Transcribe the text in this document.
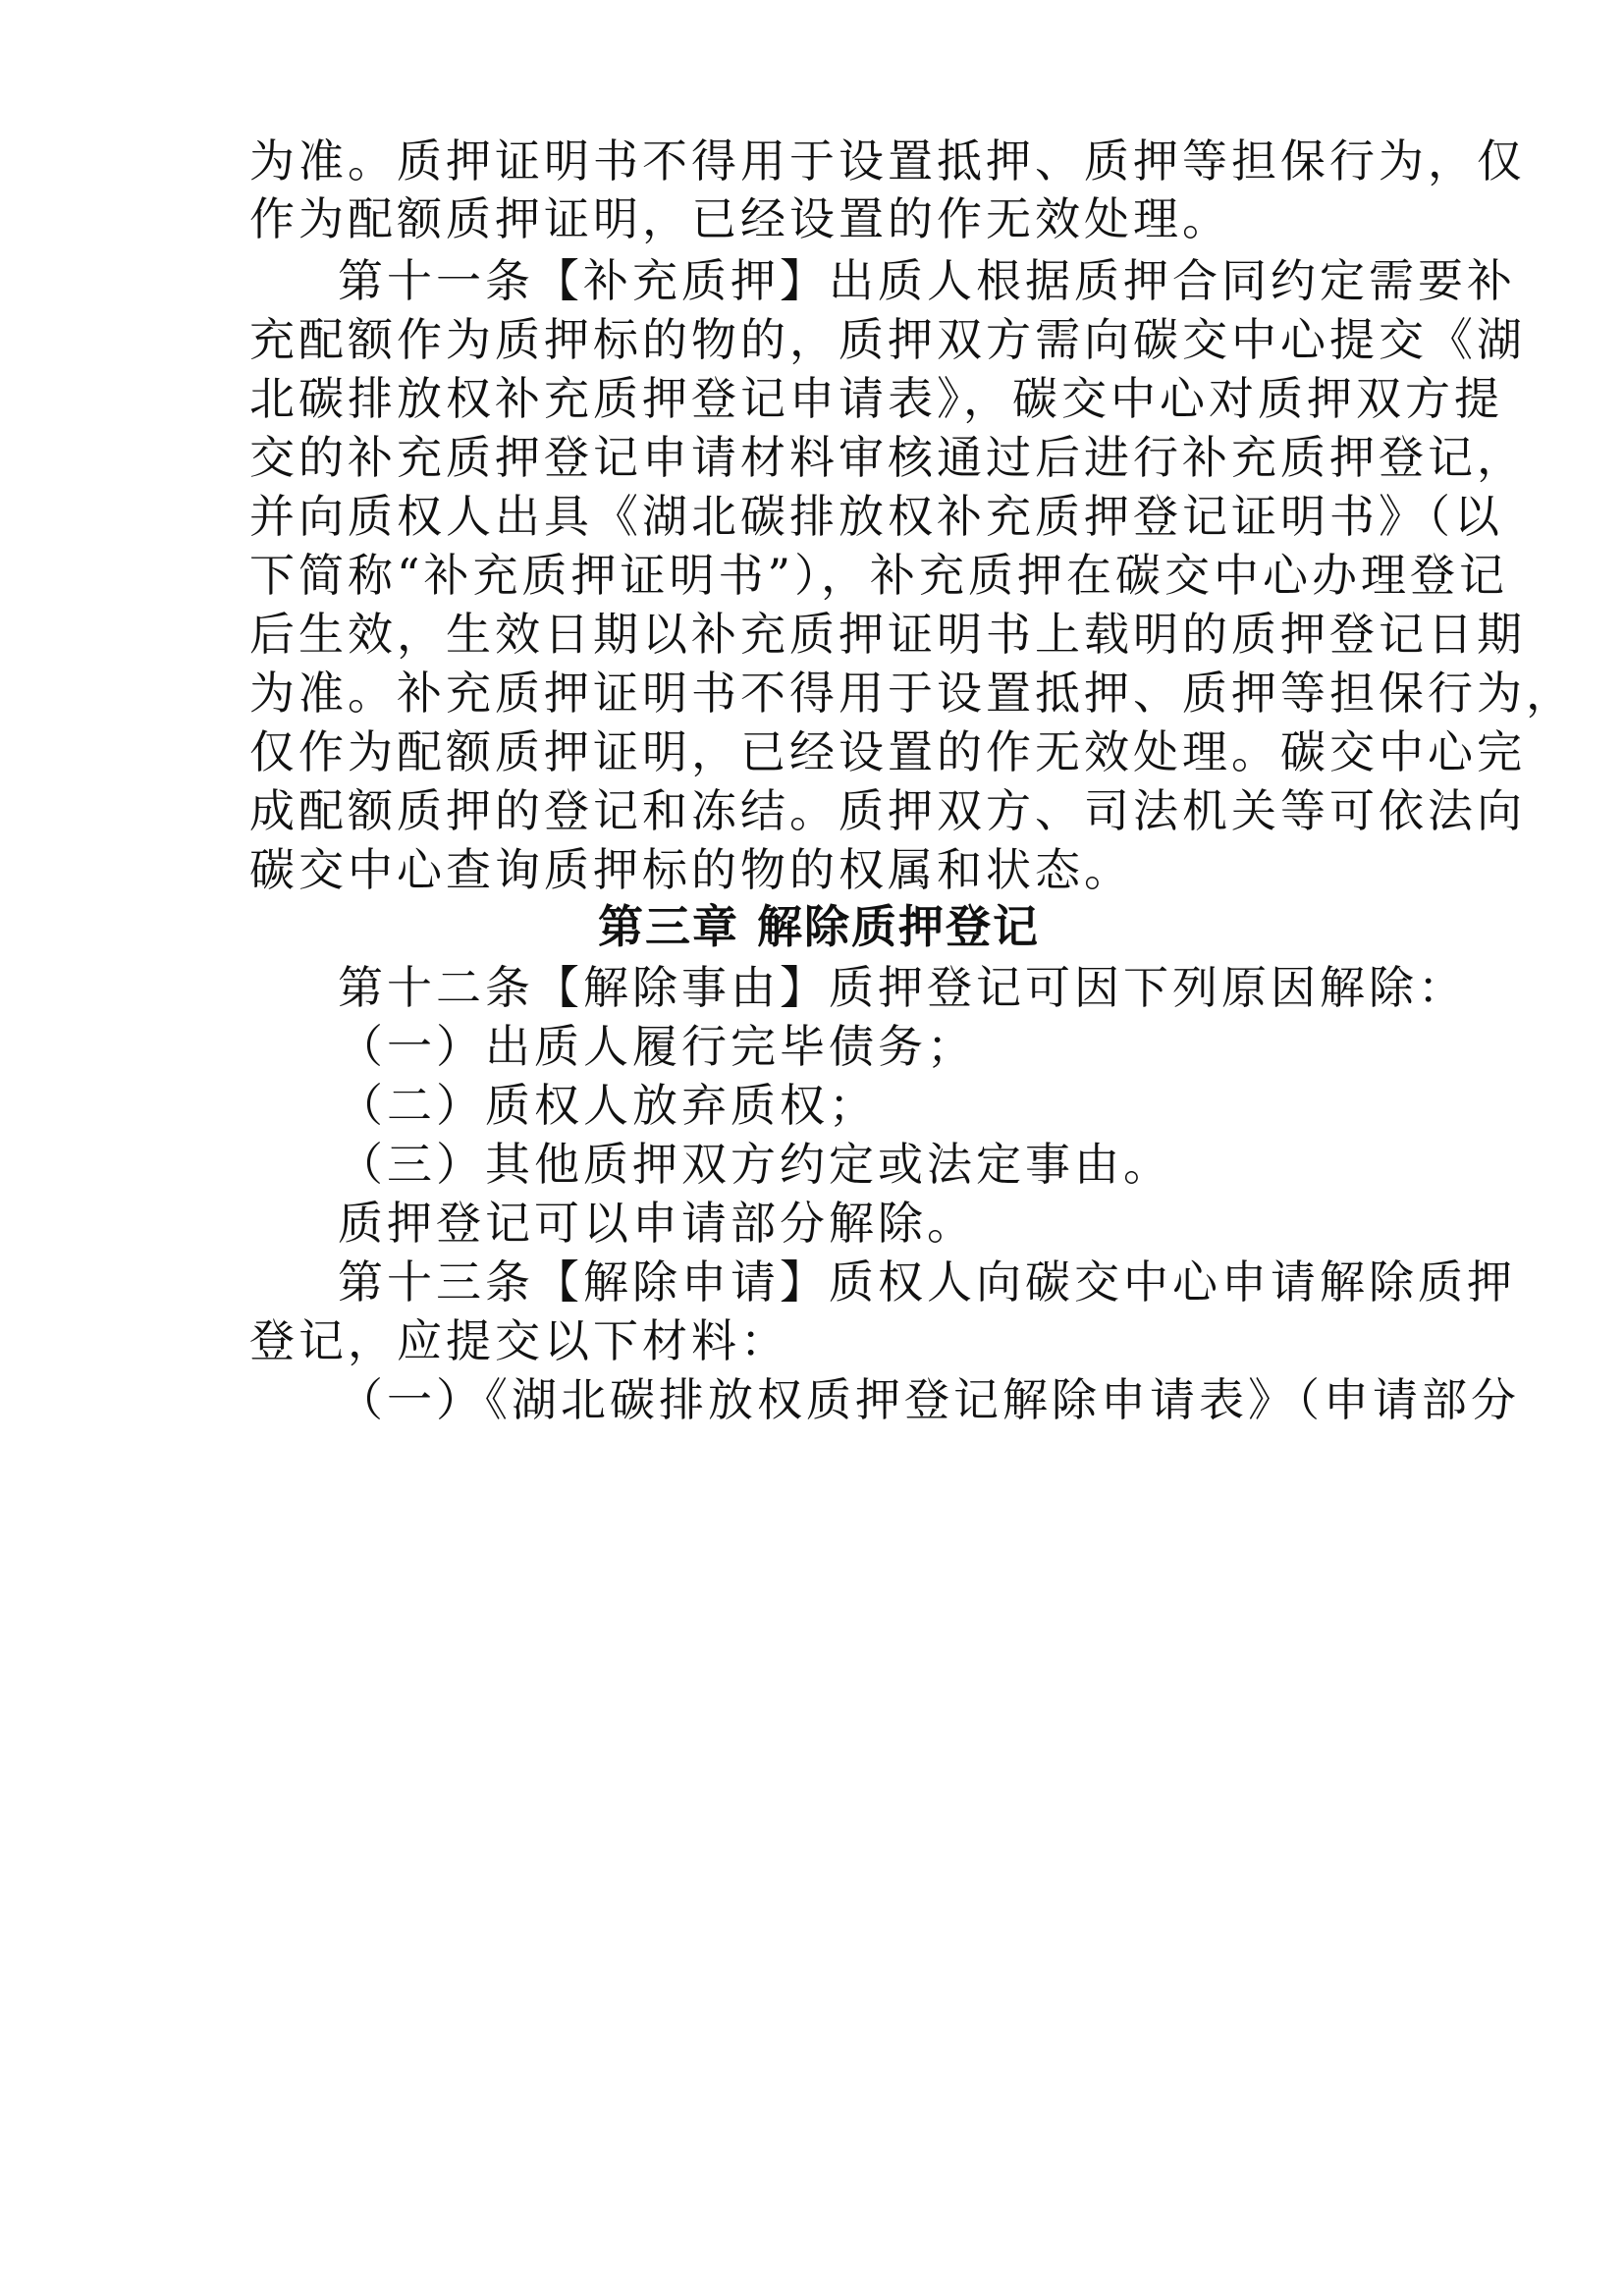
为准。质押证明书不得用于设置抵押、质押等担保行为，仅
作为配额质押证明，已经设置的作无效处理。
第十一条【补充质押】出质人根据质押合同约定需要补
充配额作为质押标的物的，质押双方需向碳交中心提交《湖
北碳排放权补充质押登记申请表》，碳交中心对质押双方提
交的补充质押登记申请材料审核通过后进行补充质押登记，
并向质权人出具《湖北碳排放权补充质押登记证明书》（以
下简称“补充质押证明书”），补充质押在碳交中心办理登记
后生效，生效日期以补充质押证明书上载明的质押登记日期
为准。补充质押证明书不得用于设置抵押、质押等担保行为，
仅作为配额质押证明，已经设置的作无效处理。碳交中心完
成配额质押的登记和冻结。质押双方、司法机关等可依法向
碳交中心查询质押标的物的权属和状态。
第三章 解除质押登记
第十二条【解除事由】质押登记可因下列原因解除：
（一）出质人履行完毕债务；
（二）质权人放弃质权；
（三）其他质押双方约定或法定事由。
质押登记可以申请部分解除。
第十三条【解除申请】质权人向碳交中心申请解除质押
登记，应提交以下材料：
（一）《湖北碳排放权质押登记解除申请表》（申请部分
